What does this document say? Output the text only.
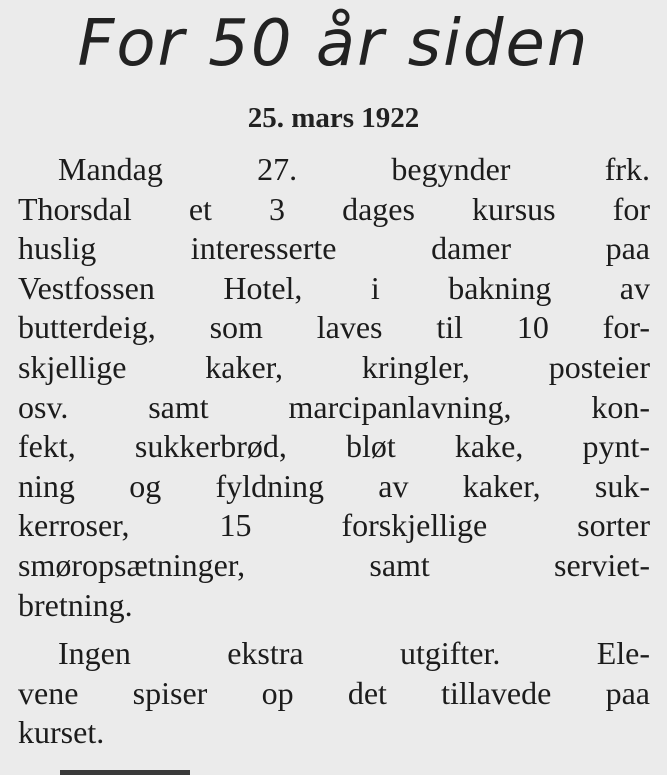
For 50 år siden
25. mars 1922
Mandag 27. begynder frk.
Thorsdal et 3 dages kursus for
huslig interesserte damer paa
Vestfossen Hotel, i bakning av
butterdeig, som laves til 10 for-
skjellige kaker, kringler, posteier
osv. samt marcipanlavning, kon-
fekt, sukkerbrød, bløt kake, pynt-
ning og fyldning av kaker, suk-
kerroser, 15 forskjellige sorter
smøropsætninger, samt serviet-
bretning.
Ingen ekstra utgifter. Ele-
vene spiser op det tillavede paa
kurset.
